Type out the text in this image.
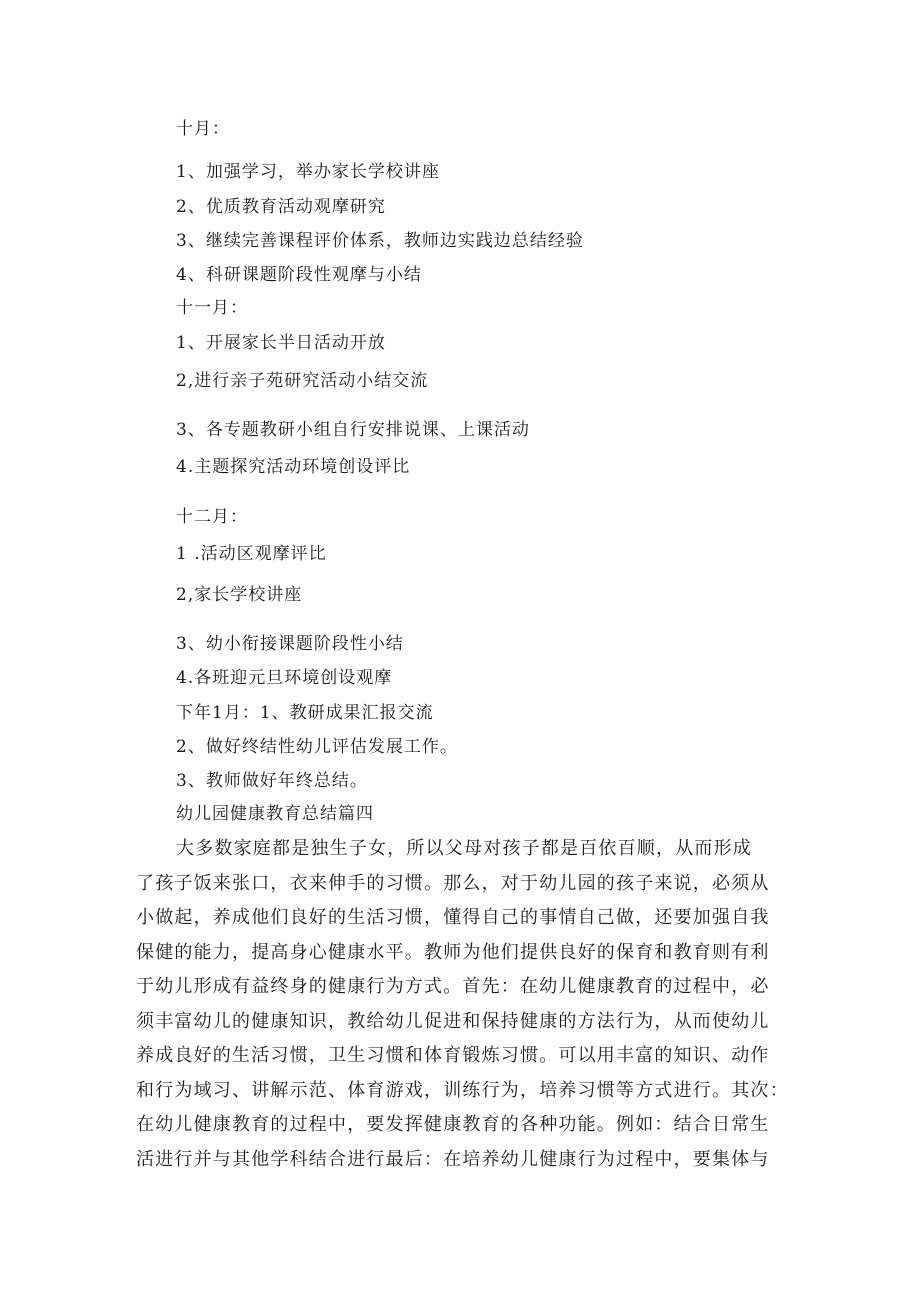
十月：
1、加强学习，举办家长学校讲座
2、优质教育活动观摩研究
3、继续完善课程评价体系，教师边实践边总结经验
4、科研课题阶段性观摩与小结
十一月：
1、开展家长半日活动开放
2,进行亲子苑研究活动小结交流
3、各专题教研小组自行安排说课、上课活动
4.主题探究活动环境创设评比
十二月：
1 .活动区观摩评比
2,家长学校讲座
3、幼小衔接课题阶段性小结
4.各班迎元旦环境创设观摩
下年1月：1、教研成果汇报交流
2、做好终结性幼儿评估发展工作。
3、教师做好年终总结。
幼儿园健康教育总结篇四
大多数家庭都是独生子女，所以父母对孩子都是百依百顺，从而形成
了孩子饭来张口，衣来伸手的习惯。那么，对于幼儿园的孩子来说，必须从
小做起，养成他们良好的生活习惯，懂得自己的事情自己做，还要加强自我
保健的能力，提高身心健康水平。教师为他们提供良好的保育和教育则有利
于幼儿形成有益终身的健康行为方式。首先：在幼儿健康教育的过程中，必
须丰富幼儿的健康知识，教给幼儿促进和保持健康的方法行为，从而使幼儿
养成良好的生活习惯，卫生习惯和体育锻炼习惯。可以用丰富的知识、动作
和行为域习、讲解示范、体育游戏，训练行为，培养习惯等方式进行。其次：
在幼儿健康教育的过程中，要发挥健康教育的各种功能。例如：结合日常生
活进行并与其他学科结合进行最后：在培养幼儿健康行为过程中，要集体与
